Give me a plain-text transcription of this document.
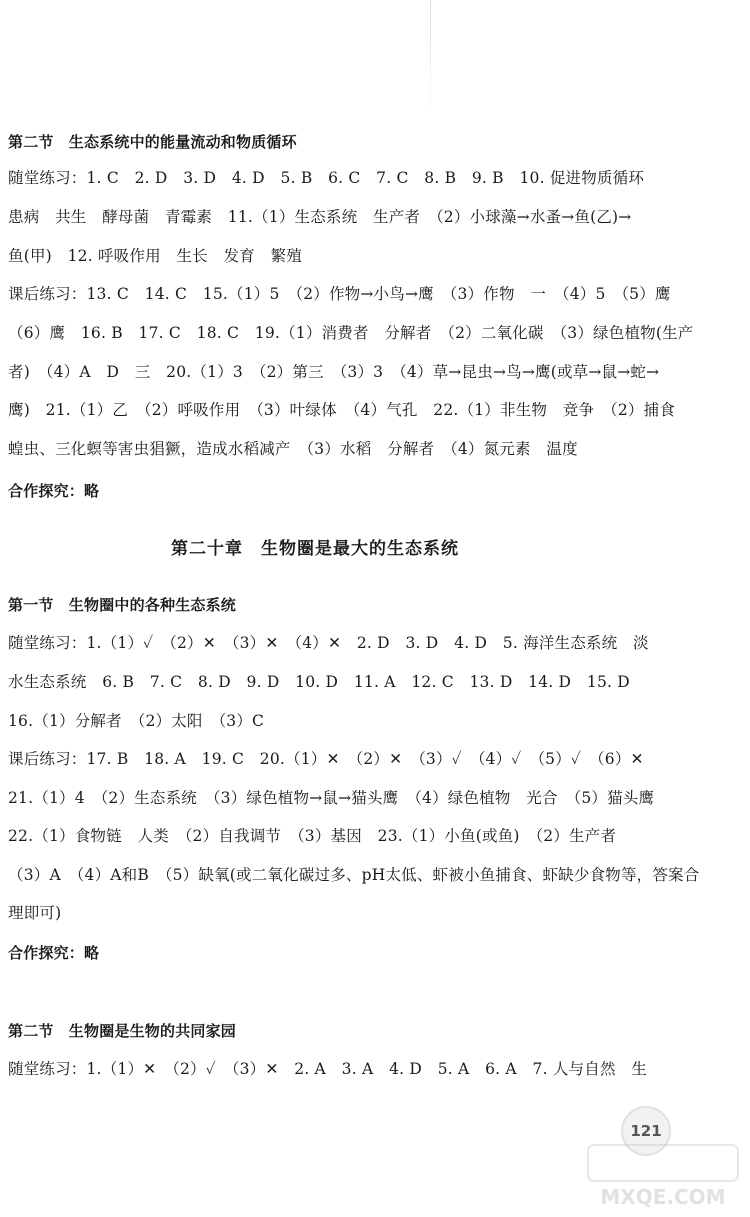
第二节　生态系统中的能量流动和物质循环
随堂练习：1. C　2. D　3. D　4. D　5. B　6. C　7. C　8. B　9. B　10. 促进物质循环
患病　共生　酵母菌　青霉素　11.（1）生态系统　生产者　（2）小球藻→水蚤→鱼(乙)→
鱼(甲)　12. 呼吸作用　生长　发育　繁殖
课后练习：13. C　14. C　15.（1）5　（2）作物→小鸟→鹰　（3）作物　一　（4）5　（5）鹰
（6）鹰　16. B　17. C　18. C　19.（1）消费者　分解者　（2）二氧化碳　（3）绿色植物(生产
者)　（4）A　D　三　20.（1）3　（2）第三　（3）3　（4）草→昆虫→鸟→鹰(或草→鼠→蛇→
鹰)　21.（1）乙　（2）呼吸作用　（3）叶绿体　（4）气孔　22.（1）非生物　竞争　（2）捕食
蝗虫、三化螟等害虫猖獗，造成水稻减产　（3）水稻　分解者　（4）氮元素　温度
合作探究：略
第二十章　生物圈是最大的生态系统
第一节　生物圈中的各种生态系统
随堂练习：1.（1）✓　（2）✕　（3）✕　（4）✕　2. D　3. D　4. D　5. 海洋生态系统　淡
水生态系统　6. B　7. C　8. D　9. D　10. D　11. A　12. C　13. D　14. D　15. D
16.（1）分解者　（2）太阳　（3）C
课后练习：17. B　18. A　19. C　20.（1）✕　（2）✕　（3）✓　（4）✓　（5）✓　（6）✕
21.（1）4　（2）生态系统　（3）绿色植物→鼠→猫头鹰　（4）绿色植物　光合　（5）猫头鹰
22.（1）食物链　人类　（2）自我调节　（3）基因　23.（1）小鱼(或鱼)　（2）生产者
（3）A　（4）A和B　（5）缺氧(或二氧化碳过多、pH太低、虾被小鱼捕食、虾缺少食物等，答案合
理即可)
合作探究：略
第二节　生物圈是生物的共同家园
随堂练习：1.（1）✕　（2）✓　（3）✕　2. A　3. A　4. D　5. A　6. A　7. 人与自然　生
121
MXQE.COM
